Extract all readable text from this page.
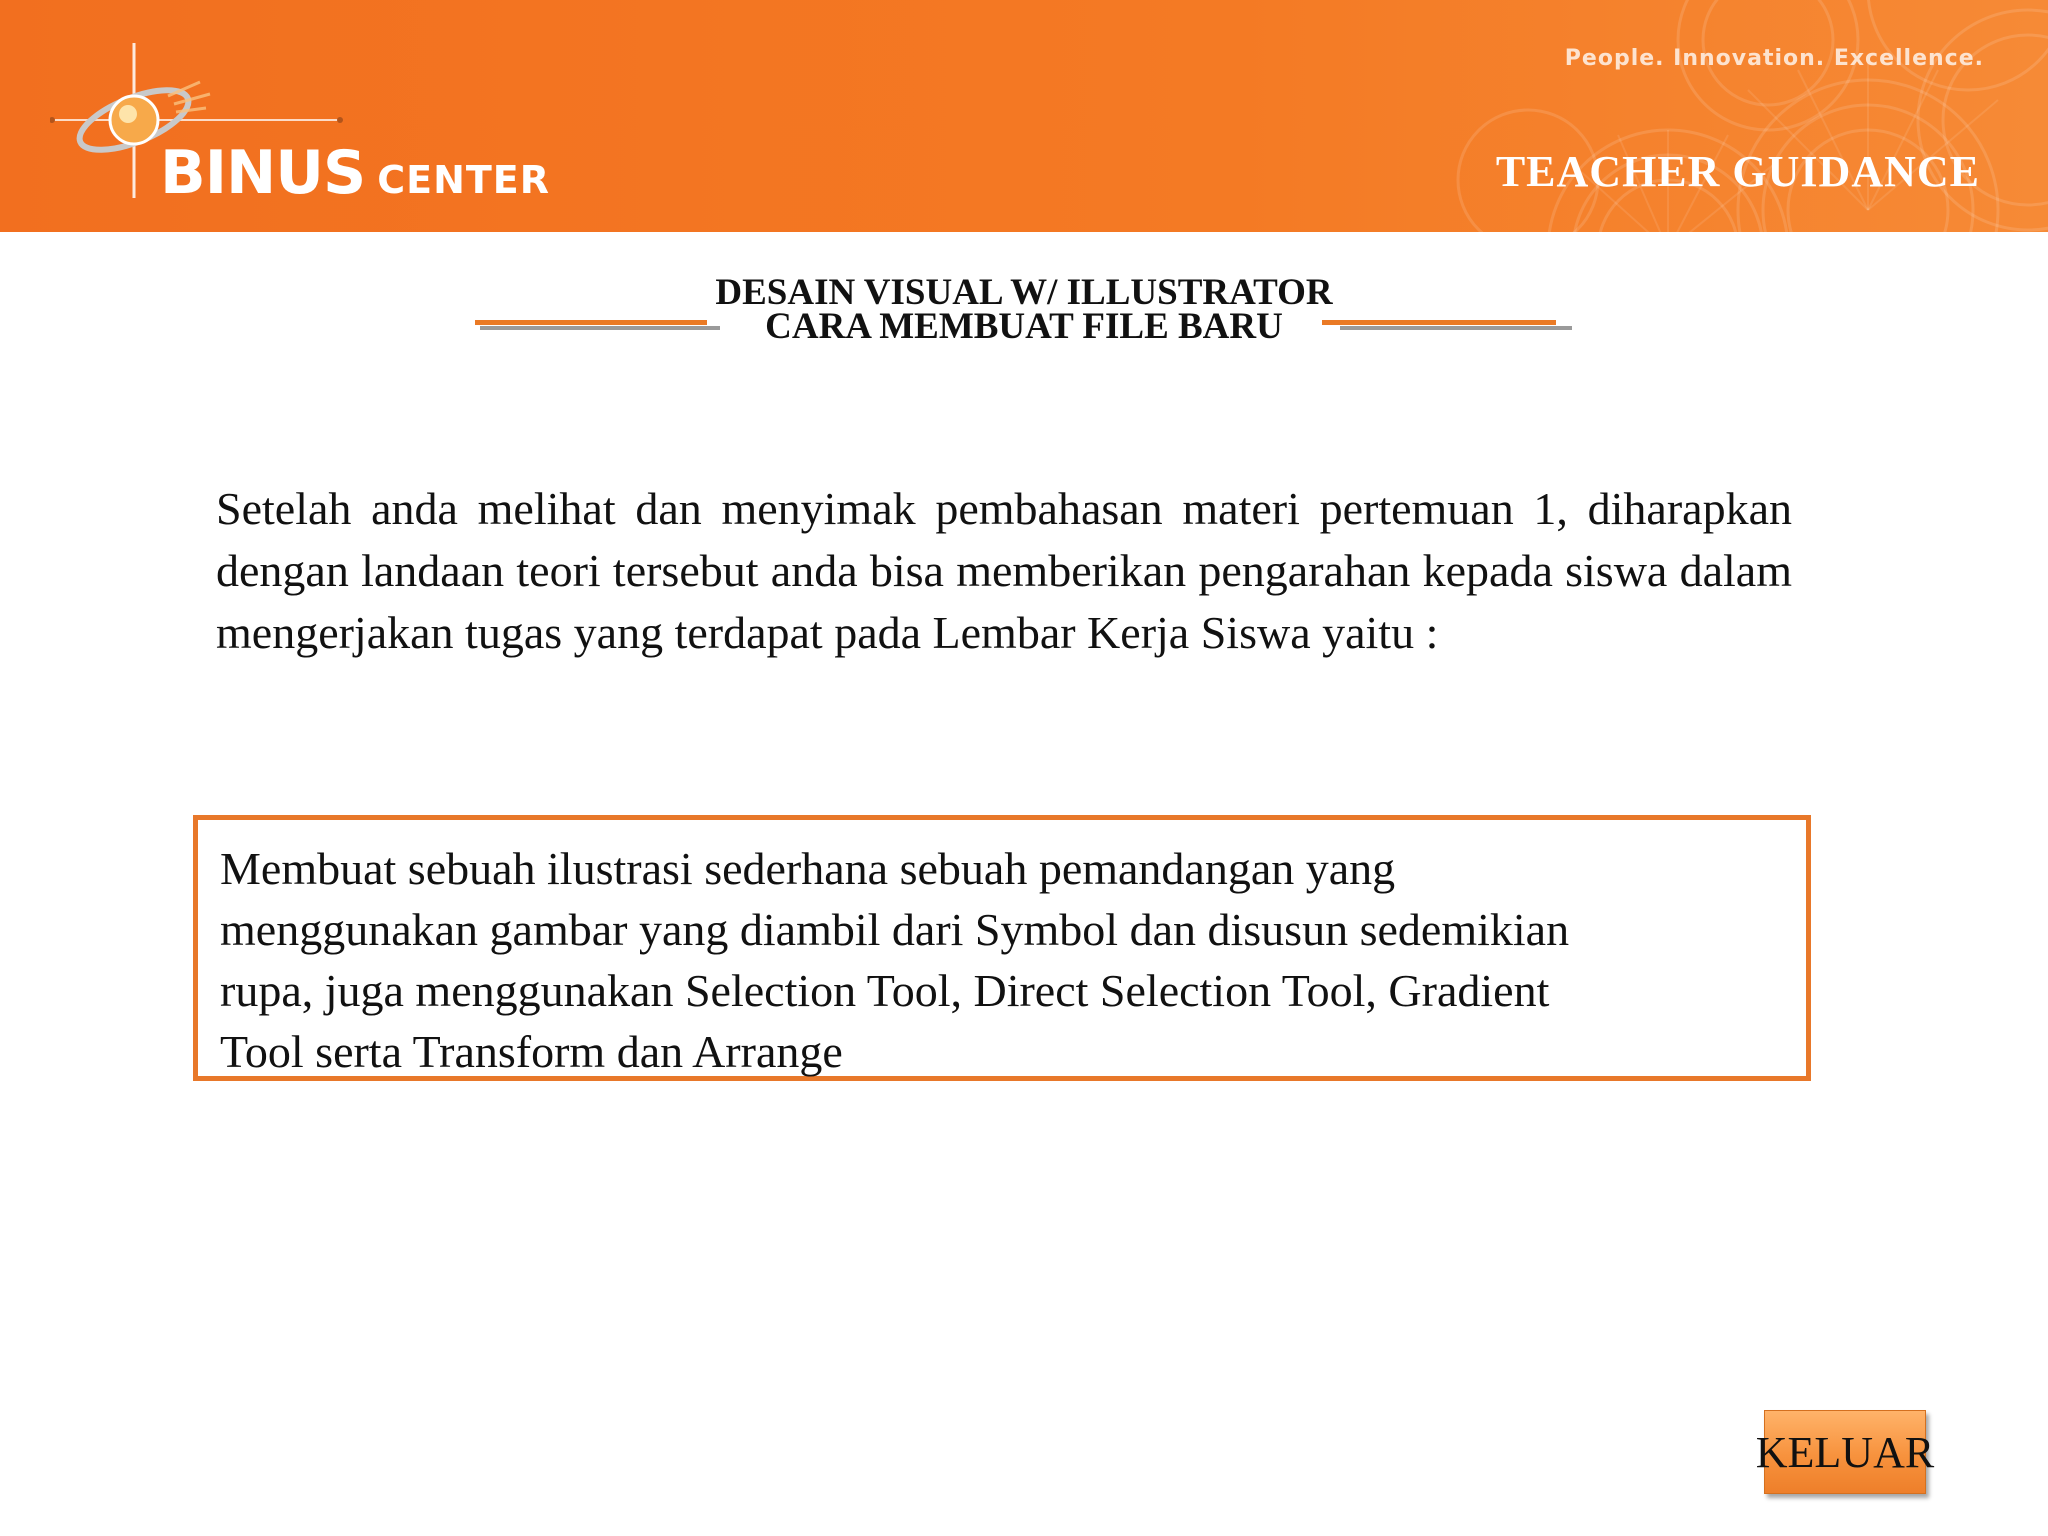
BINUS CENTER
People. Innovation. Excellence.
TEACHER GUIDANCE
DESAIN VISUAL W/ ILLUSTRATOR
CARA MEMBUAT FILE BARU

Setelah anda melihat dan menyimak pembahasan materi pertemuan 1, diharapkan dengan landaan teori tersebut anda bisa memberikan pengarahan kepada siswa dalam mengerjakan tugas yang terdapat pada Lembar Kerja Siswa yaitu :

Membuat sebuah ilustrasi sederhana sebuah pemandangan yang
menggunakan gambar yang diambil dari Symbol dan disusun sedemikian
rupa, juga menggunakan Selection Tool, Direct Selection Tool, Gradient
Tool serta Transform dan Arrange

KELUAR
